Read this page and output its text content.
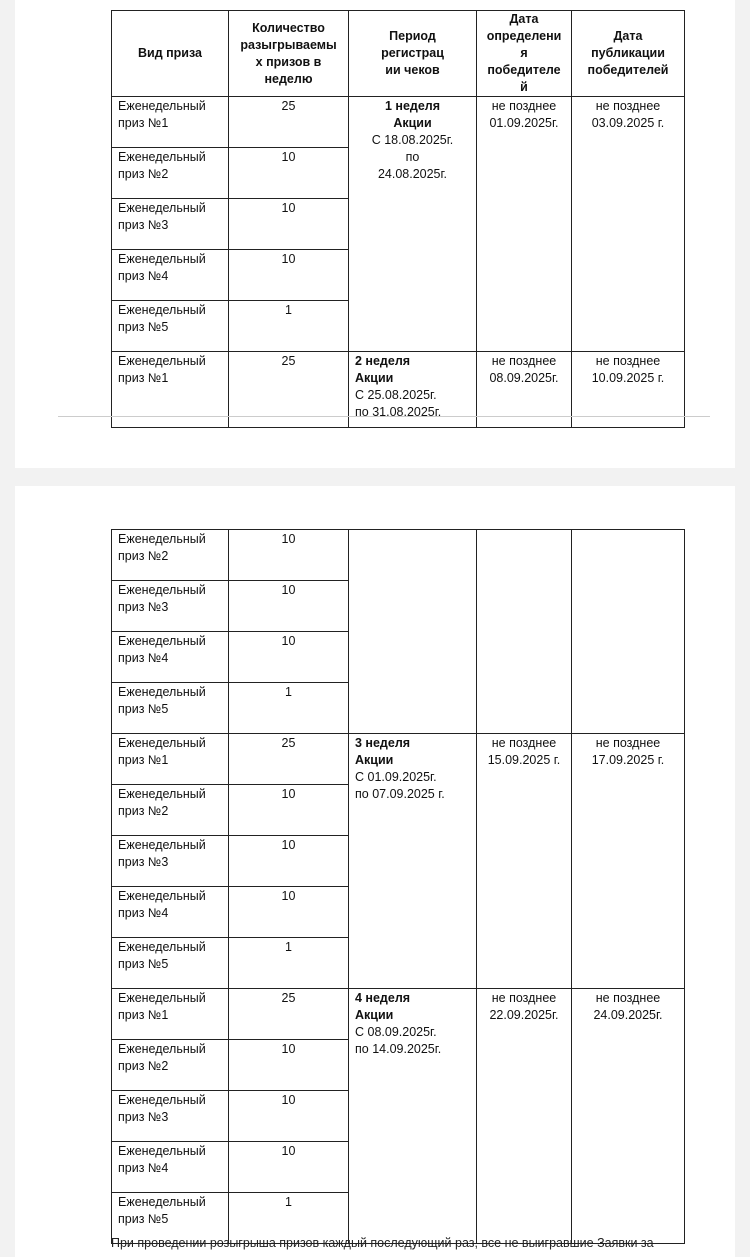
Вид приза	Количество
разыгрываемы
х призов в
неделю	Период
регистрац
ии чеков	Дата
определени
я
победителе
й	Дата
публикации
победителей

Еженедельный
приз №1	25	1 неделя
Акции
С 18.08.2025г.
по
24.08.2025г.	не позднее
01.09.2025г.	не позднее
03.09.2025 г.

Еженедельный
приз №2	10			

Еженедельный
приз №3	10			

Еженедельный
приз №4	10			

Еженедельный
приз №5	1			

Еженедельный
приз №1	25	2 неделя
Акции
С 25.08.2025г.
по 31.08.2025г.	не позднее
08.09.2025г.	не позднее
10.09.2025 г.
Еженедельный
приз №2	10			

Еженедельный
приз №3	10			

Еженедельный
приз №4	10			

Еженедельный
приз №5	1			

Еженедельный
приз №1	25	3 неделя
Акции
С 01.09.2025г.
по 07.09.2025 г.	не позднее
15.09.2025 г.	не позднее
17.09.2025 г.

Еженедельный
приз №2	10			

Еженедельный
приз №3	10			

Еженедельный
приз №4	10			

Еженедельный
приз №5	1			

Еженедельный
приз №1	25	4 неделя
Акции
С 08.09.2025г.
по 14.09.2025г.	не позднее
22.09.2025г.	не позднее
24.09.2025г.

Еженедельный
приз №2	10			

Еженедельный
приз №3	10			

Еженедельный
приз №4	10			

Еженедельный
приз №5	1			
При проведении розыгрыша призов каждый последующий раз, все не выигравшие Заявки за
